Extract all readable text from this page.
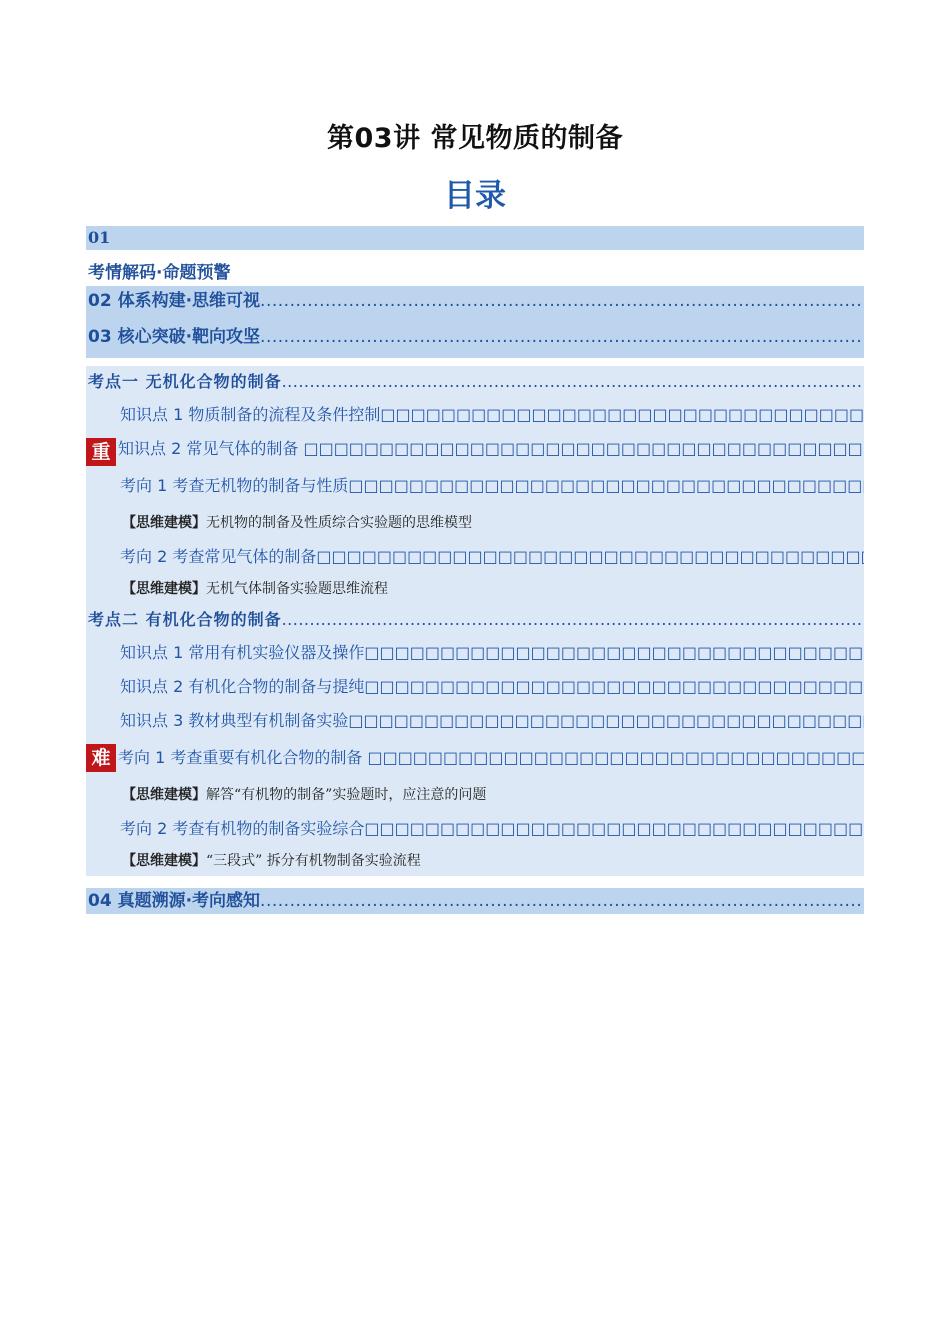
第03讲 常见物质的制备
目录
01
考情解码·命题预警
02 体系构建·思维可视 .....
03 核心突破·靶向攻坚 .....
考点一 无机化合物的制备 .....
知识点 1 物质制备的流程及条件控制 □□□□□□□□□□□□□□□□□□□□□□□□□□□□□□□□□□□□□□□□□□□□□□□□□□□□□□□□□□□□□□□□□□□□□□□
重 知识点 2 常见气体的制备 □□□□□□□□□□□□□□□□□□□□□□□□□□□□□□□□□□□□□□□□□□□□□□□□□□□□□□□□□□□□□□□□□□□□□□□
考向 1 考查无机物的制备与性质 □□□□□□□□□□□□□□□□□□□□□□□□□□□□□□□□□□□□□□□□□□□□□□□□□□□□□□□□□□□□□□□□□□□□□□□
【思维建模】无机物的制备及性质综合实验题的思维模型
考向 2 考查常见气体的制备 □□□□□□□□□□□□□□□□□□□□□□□□□□□□□□□□□□□□□□□□□□□□□□□□□□□□□□□□□□□□□□□□□□□□□□□
【思维建模】无机气体制备实验题思维流程
考点二 有机化合物的制备 .....
知识点 1 常用有机实验仪器及操作 □□□□□□□□□□□□□□□□□□□□□□□□□□□□□□□□□□□□□□□□□□□□□□□□□□□□□□□□□□□□□□□□□□□□□□□
知识点 2 有机化合物的制备与提纯 □□□□□□□□□□□□□□□□□□□□□□□□□□□□□□□□□□□□□□□□□□□□□□□□□□□□□□□□□□□□□□□□□□□□□□□
知识点 3 教材典型有机制备实验 □□□□□□□□□□□□□□□□□□□□□□□□□□□□□□□□□□□□□□□□□□□□□□□□□□□□□□□□□□□□□□□□□□□□□□□
难 考向 1 考查重要有机化合物的制备 □□□□□□□□□□□□□□□□□□□□□□□□□□□□□□□□□□□□□□□□□□□□□□□□□□□□□□□□□□□□□□□□□□□□□□□
【思维建模】解答“有机物的制备”实验题时，应注意的问题
考向 2 考查有机物的制备实验综合 □□□□□□□□□□□□□□□□□□□□□□□□□□□□□□□□□□□□□□□□□□□□□□□□□□□□□□□□□□□□□□□□□□□□□□□
【思维建模】“三段式” 拆分有机物制备实验流程
04 真题溯源·考向感知 .....
